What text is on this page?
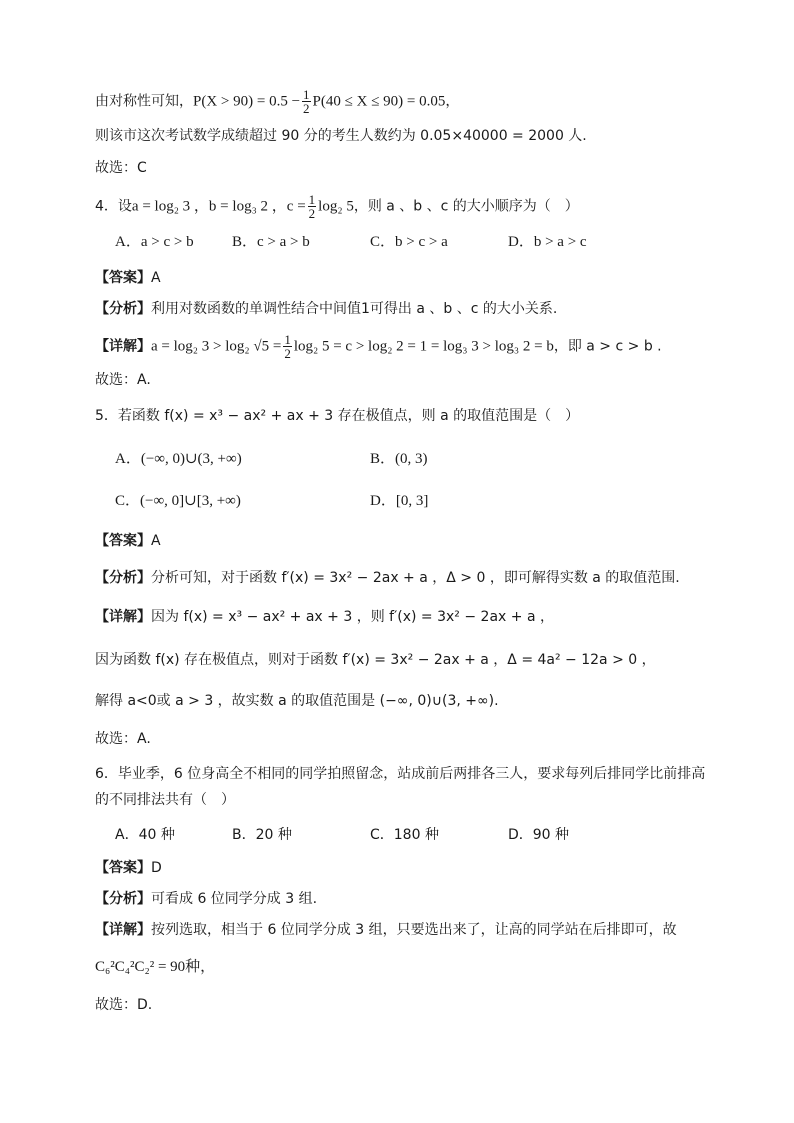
由对称性可知，$P(X > 90) = 0.5 - \frac{1}{2} P(40 \le X \le 90) = 0.05$，
则该市这次考试数学成绩超过 90 分的考生人数约为 0.05×40000 = 2000 人.
故选：C
4．设a = log₂ 3 ，b = log₃ 2 ，$c = \frac{1}{2} \log_2$ 5，则 a 、b 、c 的大小顺序为（　）
A．a > c > b	B．c > a > b	C．b > c > a	D．b > a > c
【答案】A
【分析】利用对数函数的单调性结合中间值1可得出 a 、b 、c 的大小关系.
【详解】a = log₂ 3 > log₂ $√5 = \frac{1}{2} \log_2$ 5 = c > log₂ 2 = 1 = log₃ 3 > log₃ 2 = b，即 a > c > b .
故选：A.
5．若函数 f(x) = x³ − ax² + ax + 3 存在极值点，则 a 的取值范围是（　）
A．(−∞, 0)∪(3, +∞)	B．(0, 3)
C．(−∞, 0]∪[3, +∞)	D．[0, 3]
【答案】A
【分析】分析可知，对于函数 f′(x) = 3x² − 2ax + a ，Δ > 0 ，即可解得实数 a 的取值范围.
【详解】因为 f(x) = x³ − ax² + ax + 3 ，则 f′(x) = 3x² − 2ax + a ，
因为函数 f(x) 存在极值点，则对于函数 f′(x) = 3x² − 2ax + a ，Δ = 4a² − 12a > 0 ，
解得 a<0或 a > 3 ，故实数 a 的取值范围是 (−∞, 0)∪(3, +∞).
故选：A.
6．毕业季，6 位身高全不相同的同学拍照留念，站成前后两排各三人，要求每列后排同学比前排高
的不同排法共有（　）
A．40 种	B．20 种	C．180 种	D．90 种
【答案】D
【分析】可看成 6 位同学分成 3 组.
【详解】按列选取，相当于 6 位同学分成 3 组，只要选出来了，让高的同学站在后排即可，故
C₆²C₄²C₂² = 90种，
故选：D.
